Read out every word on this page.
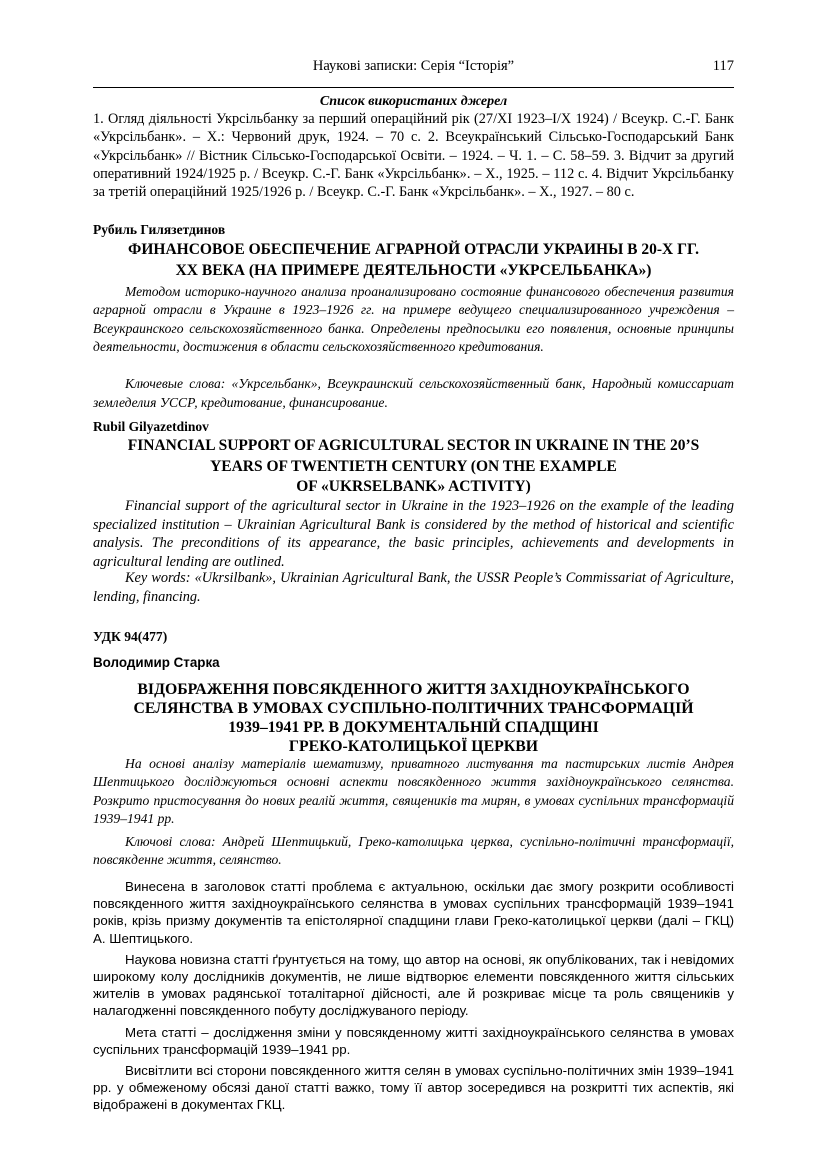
Наукові записки: Серія “Історія”	117
Список використаних джерел
1. Огляд діяльності Укрсільбанку за перший операційний рік (27/XI 1923–I/X 1924) / Всеукр. С.-Г. Банк «Укрсільбанк». – Х.: Червоний друк, 1924. – 70 с. 2. Всеукраїнський Сільсько-Господарський Банк «Укрсільбанк» // Вістник Сільсько-Господарської Освіти. – 1924. – Ч. 1. – С. 58–59. 3. Відчит за другий оперативний 1924/1925 р. / Всеукр. С.-Г. Банк «Укрсільбанк». – Х., 1925. – 112 с. 4. Відчит Укрсільбанку за третій операційний 1925/1926 р. / Всеукр. С.-Г. Банк «Укрсільбанк». – Х., 1927. – 80 с.
Рубиль Гилязетдинов
ФИНАНСОВОЕ ОБЕСПЕЧЕНИЕ АГРАРНОЙ ОТРАСЛИ УКРАИНЫ В 20-Х ГГ.
ХХ ВЕКА (НА ПРИМЕРЕ ДЕЯТЕЛЬНОСТИ «УКРСЕЛЬБАНКА»)
Методом историко-научного анализа проанализировано состояние финансового обеспечения развития аграрной отрасли в Украине в 1923–1926 гг. на примере ведущего специализированного учреждения – Всеукраинского сельскохозяйственного банка. Определены предпосылки его появления, основные принципы деятельности, достижения в области сельскохозяйственного кредитования.
Ключевые слова: «Укрсельбанк», Всеукраинский сельскохозяйственный банк, Народный комиссариат земледелия УССР, кредитование, финансирование.
Rubil Gilyazetdinov
FINANCIAL SUPPORT OF AGRICULTURAL SECTOR IN UKRAINE IN THE 20’S
YEARS OF TWENTIETH CENTURY (ON THE EXAMPLE
OF «UKRSELBANK» ACTIVITY)
Financial support of the agricultural sector in Ukraine in the 1923–1926 on the example of the leading specialized institution – Ukrainian Agricultural Bank is considered by the method of historical and scientific analysis. The preconditions of its appearance, the basic principles, achievements and developments in agricultural lending are outlined.
Key words: «Ukrsilbank», Ukrainian Agricultural Bank, the USSR People’s Commissariat of Agriculture, lending, financing.
УДК 94(477)
Володимир Старка
ВІДОБРАЖЕННЯ ПОВСЯКДЕННОГО ЖИТТЯ ЗАХІДНОУКРАЇНСЬКОГО
СЕЛЯНСТВА В УМОВАХ СУСПІЛЬНО-ПОЛІТИЧНИХ ТРАНСФОРМАЦІЙ
1939–1941 РР. В ДОКУМЕНТАЛЬНІЙ СПАДЩИНІ
ГРЕКО-КАТОЛИЦЬКОЇ ЦЕРКВИ
На основі аналізу матеріалів шематизму, приватного листування та пастирських листів Андрея Шептицького досліджуються основні аспекти повсякденного життя західноукраїнського селянства. Розкрито пристосування до нових реалій життя, священиків та мирян, в умовах суспільних трансформацій 1939–1941 рр.
Ключові слова: Андрей Шептицький, Греко-католицька церква, суспільно-політичні трансформації, повсякденне життя, селянство.

Винесена в заголовок статті проблема є актуальною, оскільки дає змогу розкрити особливості повсякденного життя західноукраїнського селянства в умовах суспільних трансформацій 1939–1941 років, крізь призму документів та епістолярної спадщини глави Греко-католицької церкви (далі – ГКЦ) А. Шептицького.

Наукова новизна статті ґрунтується на тому, що автор на основі, як опублікованих, так і невідомих широкому колу дослідників документів, не лише відтворює елементи повсякденного життя сільських жителів в умовах радянської тоталітарної дійсності, але й розкриває місце та роль священиків у налагодженні повсякденного побуту досліджуваного періоду.

Мета статті – дослідження зміни у повсякденному житті західноукраїнського селянства в умовах суспільних трансформацій 1939–1941 рр.

Висвітлити всі сторони повсякденного життя селян в умовах суспільно-політичних змін 1939–1941 рр. у обмеженому обсязі даної статті важко, тому її автор зосередився на розкритті тих аспектів, які відображені в документах ГКЦ.
